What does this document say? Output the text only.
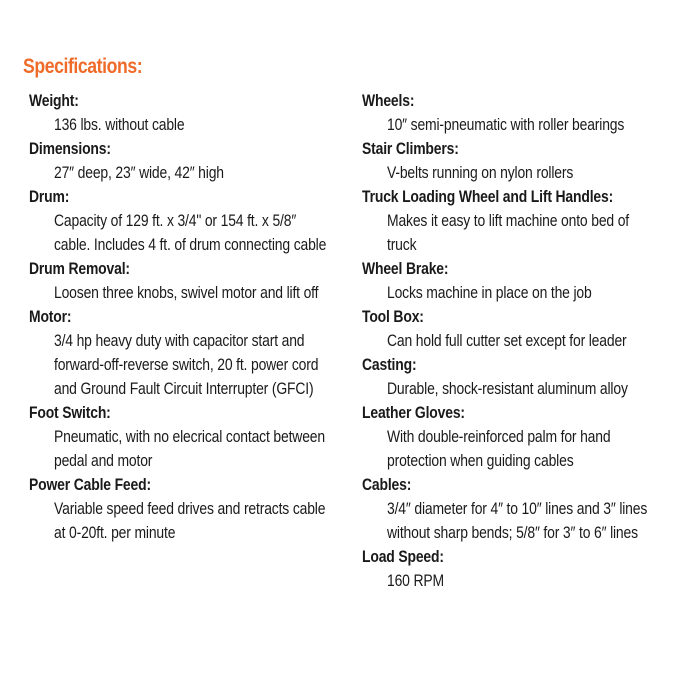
Specifications:
Weight:
136 lbs. without cable
Dimensions:
27″ deep, 23″ wide, 42″ high
Drum:
Capacity of 129 ft. x 3/4" or 154 ft. x 5/8″ cable. Includes 4 ft. of drum connecting cable
Drum Removal:
Loosen three knobs, swivel motor and lift off
Motor:
3/4 hp heavy duty with capacitor start and forward-off-reverse switch, 20 ft. power cord and Ground Fault Circuit Interrupter (GFCI)
Foot Switch:
Pneumatic, with no elecrical contact between pedal and motor
Power Cable Feed:
Variable speed feed drives and retracts cable at 0-20ft. per minute
Wheels:
10″ semi-pneumatic with roller bearings
Stair Climbers:
V-belts running on nylon rollers
Truck Loading Wheel and Lift Handles:
Makes it easy to lift machine onto bed of truck
Wheel Brake:
Locks machine in place on the job
Tool Box:
Can hold full cutter set except for leader
Casting:
Durable, shock-resistant aluminum alloy
Leather Gloves:
With double-reinforced palm for hand protection when guiding cables
Cables:
3/4″ diameter for 4″ to 10″ lines and 3″ lines without sharp bends; 5/8″ for 3″ to 6″ lines
Load Speed:
160 RPM
